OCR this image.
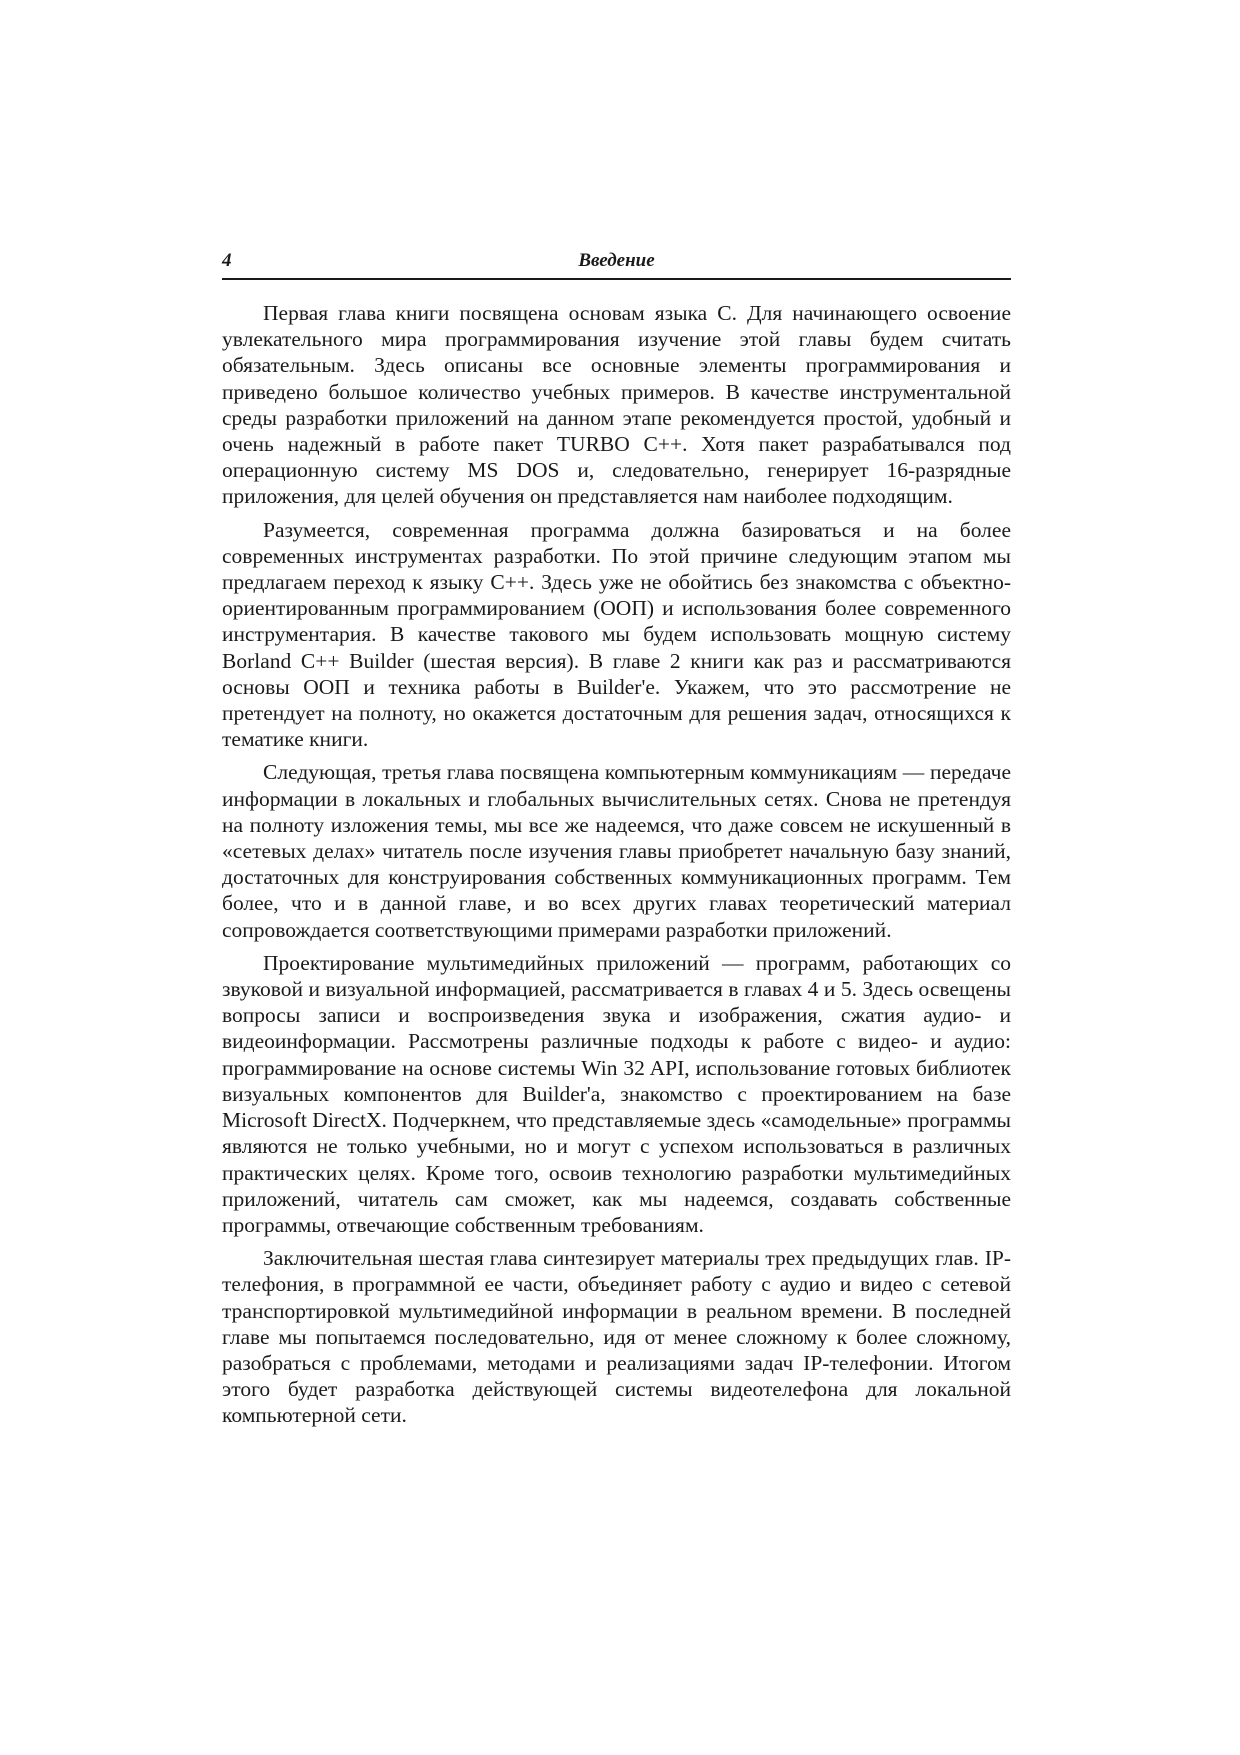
4	Введение

Первая глава книги посвящена основам языка С. Для начинающего освоение увлекательного мира программирования изучение этой главы будем считать обязательным. Здесь описаны все основные элементы программирования и приведено большое количество учебных примеров. В качестве инструментальной среды разработки приложений на данном этапе рекомендуется простой, удобный и очень надежный в работе пакет TURBO C++. Хотя пакет разрабатывался под операционную систему MS DOS и, следовательно, генерирует 16-разрядные приложения, для целей обучения он представляется нам наиболее подходящим.

Разумеется, современная программа должна базироваться и на более современных инструментах разработки. По этой причине следующим этапом мы предлагаем переход к языку С++. Здесь уже не обойтись без знакомства с объектно-ориентированным программированием (ООП) и использования более современного инструментария. В качестве такового мы будем использовать мощную систему Borland C++ Builder (шестая версия). В главе 2 книги как раз и рассматриваются основы ООП и техника работы в Builder'e. Укажем, что это рассмотрение не претендует на полноту, но окажется достаточным для решения задач, относящихся к тематике книги.

Следующая, третья глава посвящена компьютерным коммуникациям — передаче информации в локальных и глобальных вычислительных сетях. Снова не претендуя на полноту изложения темы, мы все же надеемся, что даже совсем не искушенный в «сетевых делах» читатель после изучения главы приобретет начальную базу знаний, достаточных для конструирования собственных коммуникационных программ. Тем более, что и в данной главе, и во всех других главах теоретический материал сопровождается соответствующими примерами разработки приложений.

Проектирование мультимедийных приложений — программ, работающих со звуковой и визуальной информацией, рассматривается в главах 4 и 5. Здесь освещены вопросы записи и воспроизведения звука и изображения, сжатия аудио- и видеоинформации. Рассмотрены различные подходы к работе с видео- и аудио: программирование на основе системы Win 32 API, использование готовых библиотек визуальных компонентов для Builder'a, знакомство с проектированием на базе Microsoft DirectX. Подчеркнем, что представляемые здесь «самодельные» программы являются не только учебными, но и могут с успехом использоваться в различных практических целях. Кроме того, освоив технологию разработки мультимедийных приложений, читатель сам сможет, как мы надеемся, создавать собственные программы, отвечающие собственным требованиям.

Заключительная шестая глава синтезирует материалы трех предыдущих глав. IP-телефония, в программной ее части, объединяет работу с аудио и видео с сетевой транспортировкой мультимедийной информации в реальном времени. В последней главе мы попытаемся последовательно, идя от менее сложному к более сложному, разобраться с проблемами, методами и реализациями задач IP-телефонии. Итогом этого будет разработка действующей системы видеотелефона для локальной компьютерной сети.
